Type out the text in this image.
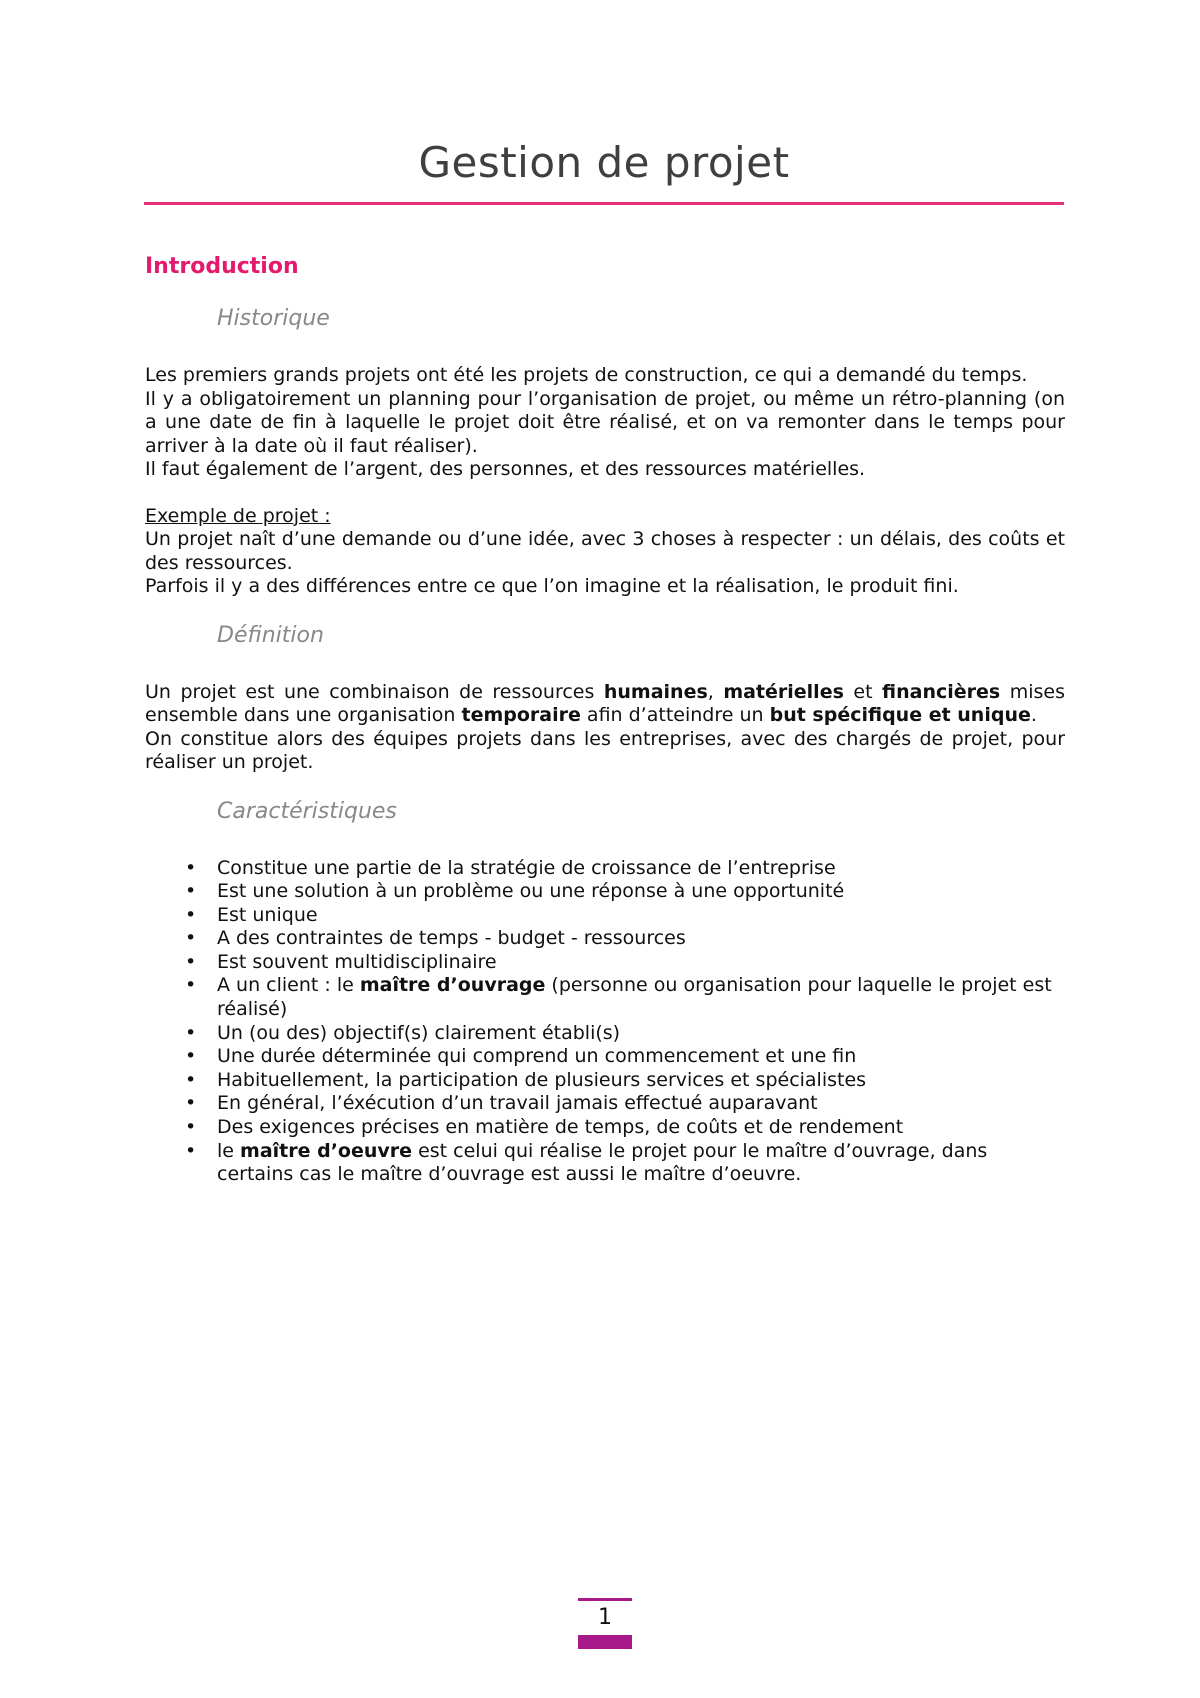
Gestion de projet
Introduction
Historique

Les premiers grands projets ont été les projets de construction, ce qui a demandé du temps.

Il y a obligatoirement un planning pour l’organisation de projet, ou même un rétro-planning (on a une date de fin à laquelle le projet doit être réalisé, et on va remonter dans le temps pour arriver à la date où il faut réaliser).

Il faut également de l’argent, des personnes, et des ressources matérielles.

Exemple de projet :

Un projet naît d’une demande ou d’une idée, avec 3 choses à respecter : un délais, des coûts et des ressources.

Parfois il y a des différences entre ce que l’on imagine et la réalisation, le produit fini.

Définition

Un projet est une combinaison de ressources humaines, matérielles et financières mises ensemble dans une organisation temporaire afin d’atteindre un but spécifique et unique.

On constitue alors des équipes projets dans les entreprises, avec des chargés de projet, pour réaliser un projet.

Caractéristiques
• Constitue une partie de la stratégie de croissance de l’entreprise
• Est une solution à un problème ou une réponse à une opportunité
• Est unique
• A des contraintes de temps - budget - ressources
• Est souvent multidisciplinaire
• A un client : le maître d’ouvrage (personne ou organisation pour laquelle le projet est réalisé)
• Un (ou des) objectif(s) clairement établi(s)
• Une durée déterminée qui comprend un commencement et une fin
• Habituellement, la participation de plusieurs services et spécialistes
• En général, l’éxécution d’un travail jamais effectué auparavant
• Des exigences précises en matière de temps, de coûts et de rendement
• le maître d’oeuvre est celui qui réalise le projet pour le maître d’ouvrage, dans certains cas le maître d’ouvrage est aussi le maître d’oeuvre.
1
